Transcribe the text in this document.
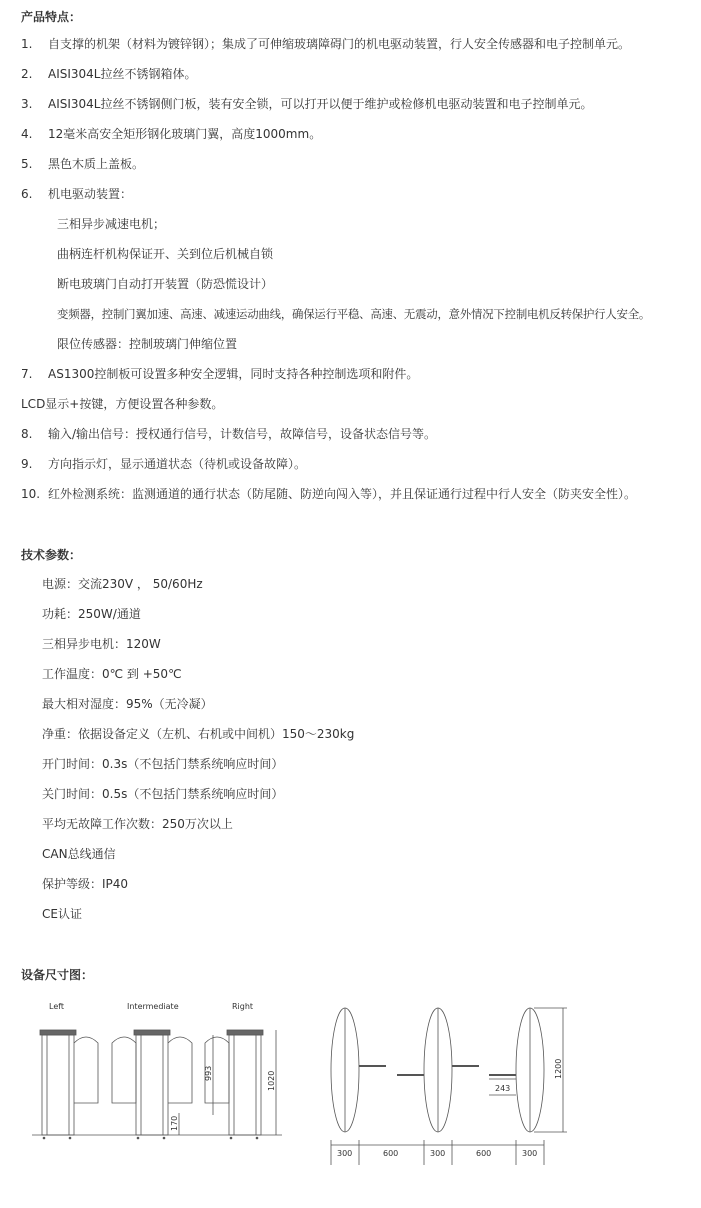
产品特点：
1. 自支撑的机架（材料为镀锌钢）；集成了可伸缩玻璃障碍门的机电驱动装置，行人安全传感器和电子控制单元。
2. AISI304L拉丝不锈钢箱体。
3. AISI304L拉丝不锈钢侧门板，装有安全锁，可以打开以便于维护或检修机电驱动装置和电子控制单元。
4. 12毫米高安全矩形钢化玻璃门翼，高度1000mm。
5. 黑色木质上盖板。
6. 机电驱动装置：
三相异步减速电机；
曲柄连杆机构保证开、关到位后机械自锁
断电玻璃门自动打开装置（防恐慌设计）
变频器，控制门翼加速、高速、减速运动曲线，确保运行平稳、高速、无震动，意外情况下控制电机反转保护行人安全。
限位传感器：控制玻璃门伸缩位置
7. AS1300控制板可设置多种安全逻辑，同时支持各种控制选项和附件。
LCD显示+按键，方便设置各种参数。
8. 输入/输出信号：授权通行信号，计数信号，故障信号，设备状态信号等。
9. 方向指示灯，显示通道状态（待机或设备故障）。
10. 红外检测系统：监测通道的通行状态（防尾随、防逆向闯入等），并且保证通行过程中行人安全（防夹安全性）。
技术参数：
电源：交流230V ， 50/60Hz
功耗：250W/通道
三相异步电机：120W
工作温度：0℃ 到 +50℃
最大相对湿度：95%（无冷凝）
净重：依据设备定义（左机、右机或中间机）150～230kg
开门时间：0.3s（不包括门禁系统响应时间）
关门时间：0.5s（不包括门禁系统响应时间）
平均无故障工作次数：250万次以上
CAN总线通信
保护等级：IP40
CE认证
设备尺寸图：
Left	Intermediate	Right
1020
993
170
243
1200
300	600	300	600	300
